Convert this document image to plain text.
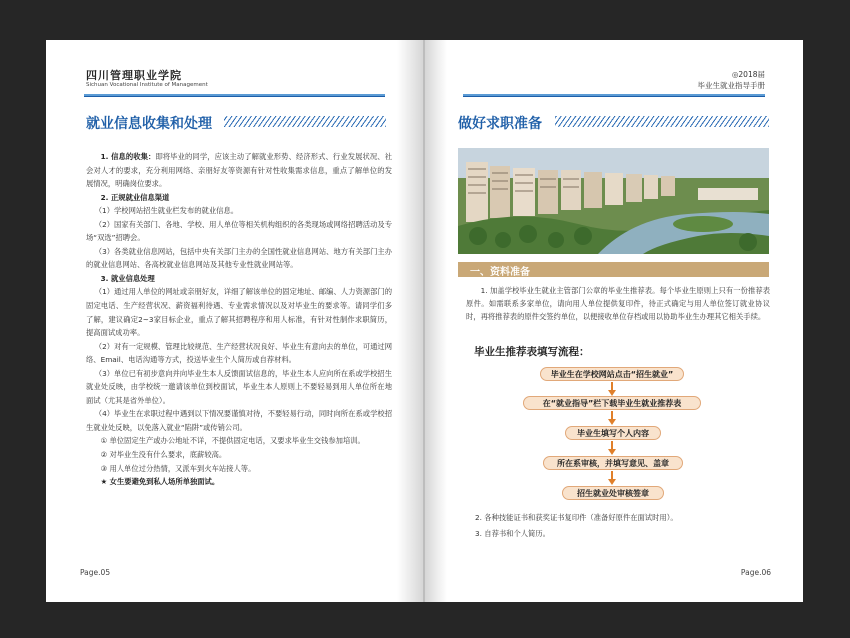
四川管理职业学院
Sichuan Vocational Institute of Management
就业信息收集和处理

1. 信息的收集：即将毕业的同学，应该主动了解就业形势、经济形式、行业发展状况、社会对人才的要求，充分利用网络、亲朋好友等资源有针对性收集需求信息，重点了解单位的发展情况，明确岗位要求。

2. 正规就业信息渠道

（1）学校网站招生就业栏发布的就业信息。

（2）国家有关部门、各地、学校、用人单位等相关机构组织的各类现场或网络招聘活动及专场“双选”招聘会。

（3）各类就业信息网站，包括中央有关部门主办的全国性就业信息网站、地方有关部门主办的就业信息网站、各高校就业信息网站及其他专业性就业网站等。

3. 就业信息处理

（1）通过用人单位的网址或亲朋好友，详细了解该单位的固定地址、邮编、人力资源部门的固定电话、生产经营状况、薪资福利待遇、专业需求情况以及对毕业生的要求等。请同学们多了解，建议确定2~3家目标企业，重点了解其招聘程序和用人标准，有针对性制作求职简历，提高面试成功率。

（2）对有一定规模、管理比较规范、生产经营状况良好、毕业生有意向去的单位，可通过网络、Email、电话沟通等方式，投送毕业生个人简历或自荐材料。

（3）单位已有初步意向并向毕业生本人反馈面试信息的，毕业生本人应向所在系或学校招生就业处反映，由学校统一邀请该单位到校面试，毕业生本人原则上不要轻易到用人单位所在地面试（尤其是省外单位）。

（4）毕业生在求职过程中遇到以下情况要谨慎对待，不要轻易行动，同时向所在系或学校招生就业处反映，以免落入就业“陷阱”或传销公司。

① 单位固定生产或办公地址不详，不提供固定电话，又要求毕业生交钱参加培训。

② 对毕业生没有什么要求，底薪较高。

③ 用人单位过分热情，又派车到火车站接人等。

★ 女生要避免到私人场所单独面试。

Page.05
◎2018届
毕业生就业指导手册
做好求职准备
一、资料准备

1. 加盖学校毕业生就业主管部门公章的毕业生推荐表。每个毕业生原则上只有一份推荐表原件。如需联系多家单位，请向用人单位提供复印件，待正式确定与用人单位签订就业协议时，再将推荐表的原件交签约单位，以便接收单位存档或用以协助毕业生办理其它相关手续。

毕业生推荐表填写流程：
毕业生在学校网站点击“招生就业”
在“就业指导”栏下载毕业生就业推荐表
毕业生填写个人内容
所在系审核，并填写意见、盖章
招生就业处审核签章

2. 各种技能证书和获奖证书复印件（准备好原件在面试时用）。

3. 自荐书和个人简历。

Page.06
